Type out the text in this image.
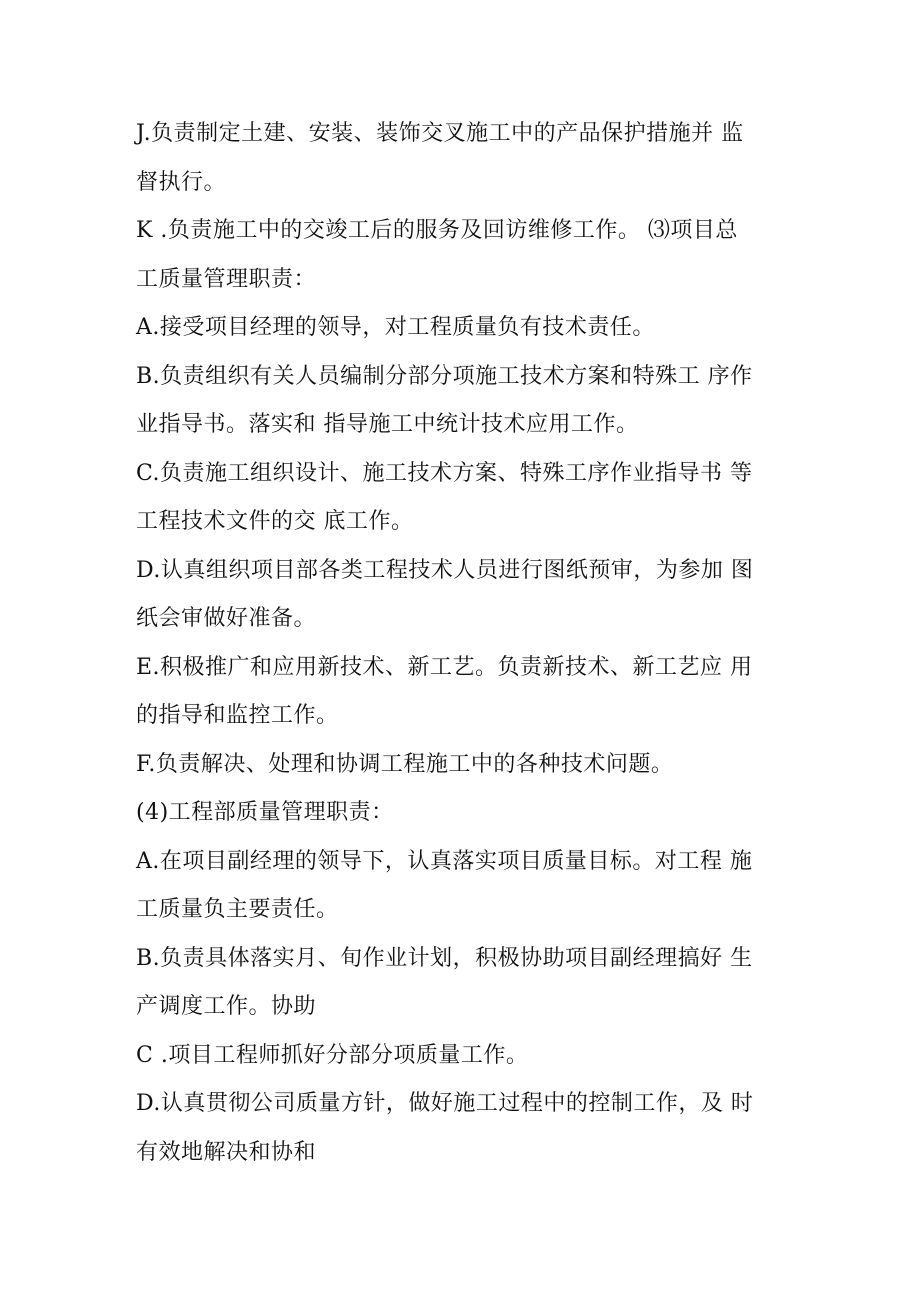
J.负责制定土建、安装、装饰交叉施工中的产品保护措施并 监
督执行。
K .负责施工中的交竣工后的服务及回访维修工作。 ⑶项目总
工质量管理职责：
A.接受项目经理的领导，对工程质量负有技术责任。
B.负责组织有关人员编制分部分项施工技术方案和特殊工 序作
业指导书。落实和 指导施工中统计技术应用工作。
C.负责施工组织设计、施工技术方案、特殊工序作业指导书 等
工程技术文件的交 底工作。
D.认真组织项目部各类工程技术人员进行图纸预审，为参加 图
纸会审做好准备。
E.积极推广和应用新技术、新工艺。负责新技术、新工艺应 用
的指导和监控工作。
F.负责解决、处理和协调工程施工中的各种技术问题。
(4)工程部质量管理职责：
A.在项目副经理的领导下，认真落实项目质量目标。对工程 施
工质量负主要责任。
B.负责具体落实月、旬作业计划，积极协助项目副经理搞好 生
产调度工作。协助
C .项目工程师抓好分部分项质量工作。
D.认真贯彻公司质量方针，做好施工过程中的控制工作，及 时
有效地解决和协和
